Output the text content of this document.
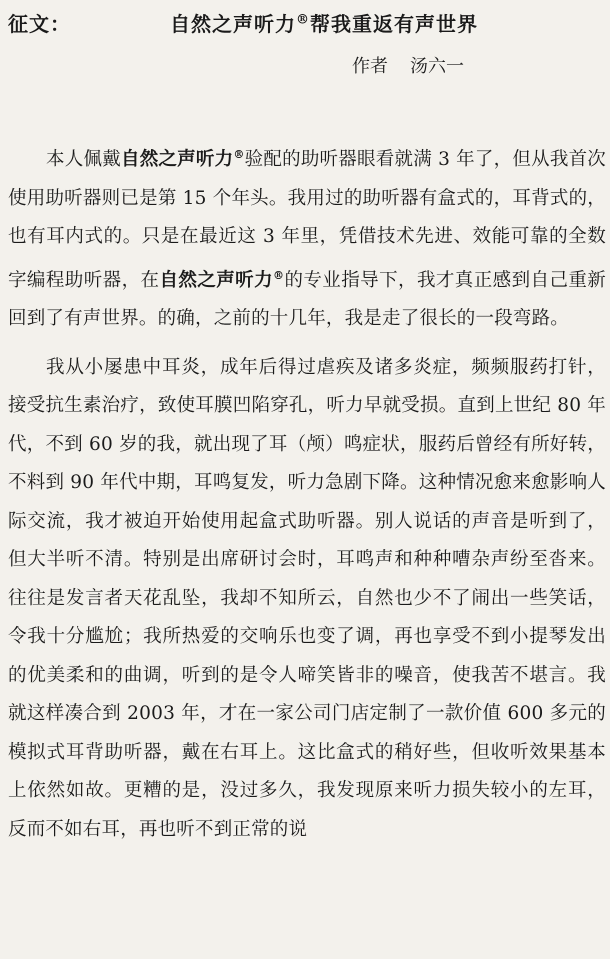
征文：	自然之声听力®帮我重返有声世界
作者 汤六一

本人佩戴自然之声听力®验配的助听器眼看就满 3 年了，但从我首次使用助听器则已是第 15 个年头。我用过的助听器有盒式的，耳背式的，也有耳内式的。只是在最近这 3 年里，凭借技术先进、效能可靠的全数字编程助听器，在自然之声听力®的专业指导下，我才真正感到自己重新回到了有声世界。的确，之前的十几年，我是走了很长的一段弯路。

我从小屡患中耳炎，成年后得过虐疾及诸多炎症，频频服药打针，接受抗生素治疗，致使耳膜凹陷穿孔，听力早就受损。直到上世纪 80 年代，不到 60 岁的我，就出现了耳（颅）鸣症状，服药后曾经有所好转，不料到 90 年代中期，耳鸣复发，听力急剧下降。这种情况愈来愈影响人际交流，我才被迫开始使用起盒式助听器。别人说话的声音是听到了，但大半听不清。特别是出席研讨会时，耳鸣声和种种嘈杂声纷至沓来。往往是发言者天花乱坠，我却不知所云，自然也少不了闹出一些笑话，令我十分尴尬；我所热爱的交响乐也变了调，再也享受不到小提琴发出的优美柔和的曲调，听到的是令人啼笑皆非的噪音，使我苦不堪言。我就这样凑合到 2003 年，才在一家公司门店定制了一款价值 600 多元的模拟式耳背助听器，戴在右耳上。这比盒式的稍好些，但收听效果基本上依然如故。更糟的是，没过多久，我发现原来听力损失较小的左耳，反而不如右耳，再也听不到正常的说
